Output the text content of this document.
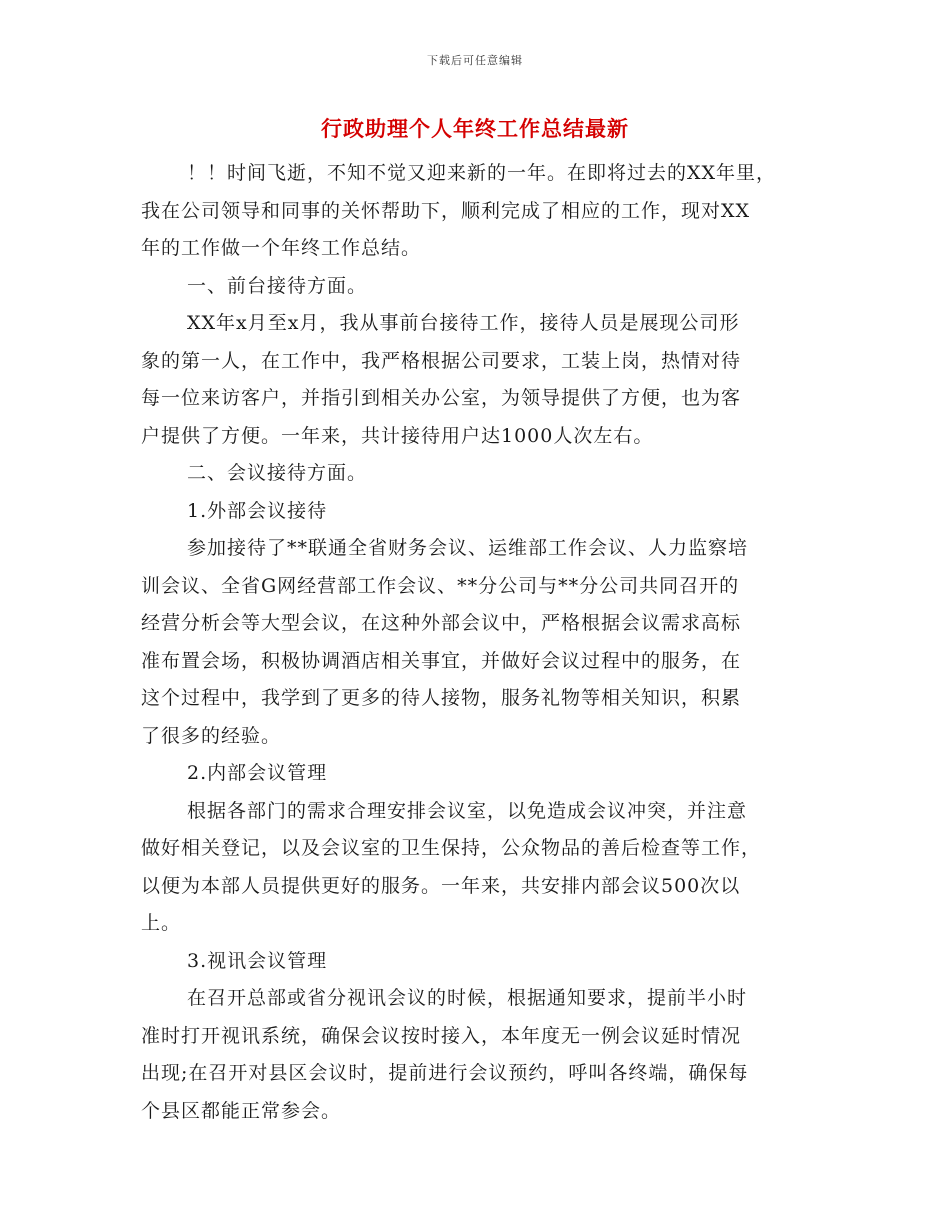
下载后可任意编辑
行政助理个人年终工作总结最新
！！时间飞逝，不知不觉又迎来新的一年。在即将过去的XX年里，
我在公司领导和同事的关怀帮助下，顺利完成了相应的工作，现对XX
年的工作做一个年终工作总结。
一、前台接待方面。
XX年x月至x月，我从事前台接待工作，接待人员是展现公司形
象的第一人，在工作中，我严格根据公司要求，工装上岗，热情对待
每一位来访客户，并指引到相关办公室，为领导提供了方便，也为客
户提供了方便。一年来，共计接待用户达1000人次左右。
二、会议接待方面。
1.外部会议接待
参加接待了**联通全省财务会议、运维部工作会议、人力监察培
训会议、全省G网经营部工作会议、**分公司与**分公司共同召开的
经营分析会等大型会议，在这种外部会议中，严格根据会议需求高标
准布置会场，积极协调酒店相关事宜，并做好会议过程中的服务，在
这个过程中，我学到了更多的待人接物，服务礼物等相关知识，积累
了很多的经验。
2.内部会议管理
根据各部门的需求合理安排会议室，以免造成会议冲突，并注意
做好相关登记，以及会议室的卫生保持，公众物品的善后检查等工作，
以便为本部人员提供更好的服务。一年来，共安排内部会议500次以
上。
3.视讯会议管理
在召开总部或省分视讯会议的时候，根据通知要求，提前半小时
准时打开视讯系统，确保会议按时接入，本年度无一例会议延时情况
出现;在召开对县区会议时，提前进行会议预约，呼叫各终端，确保每
个县区都能正常参会。
